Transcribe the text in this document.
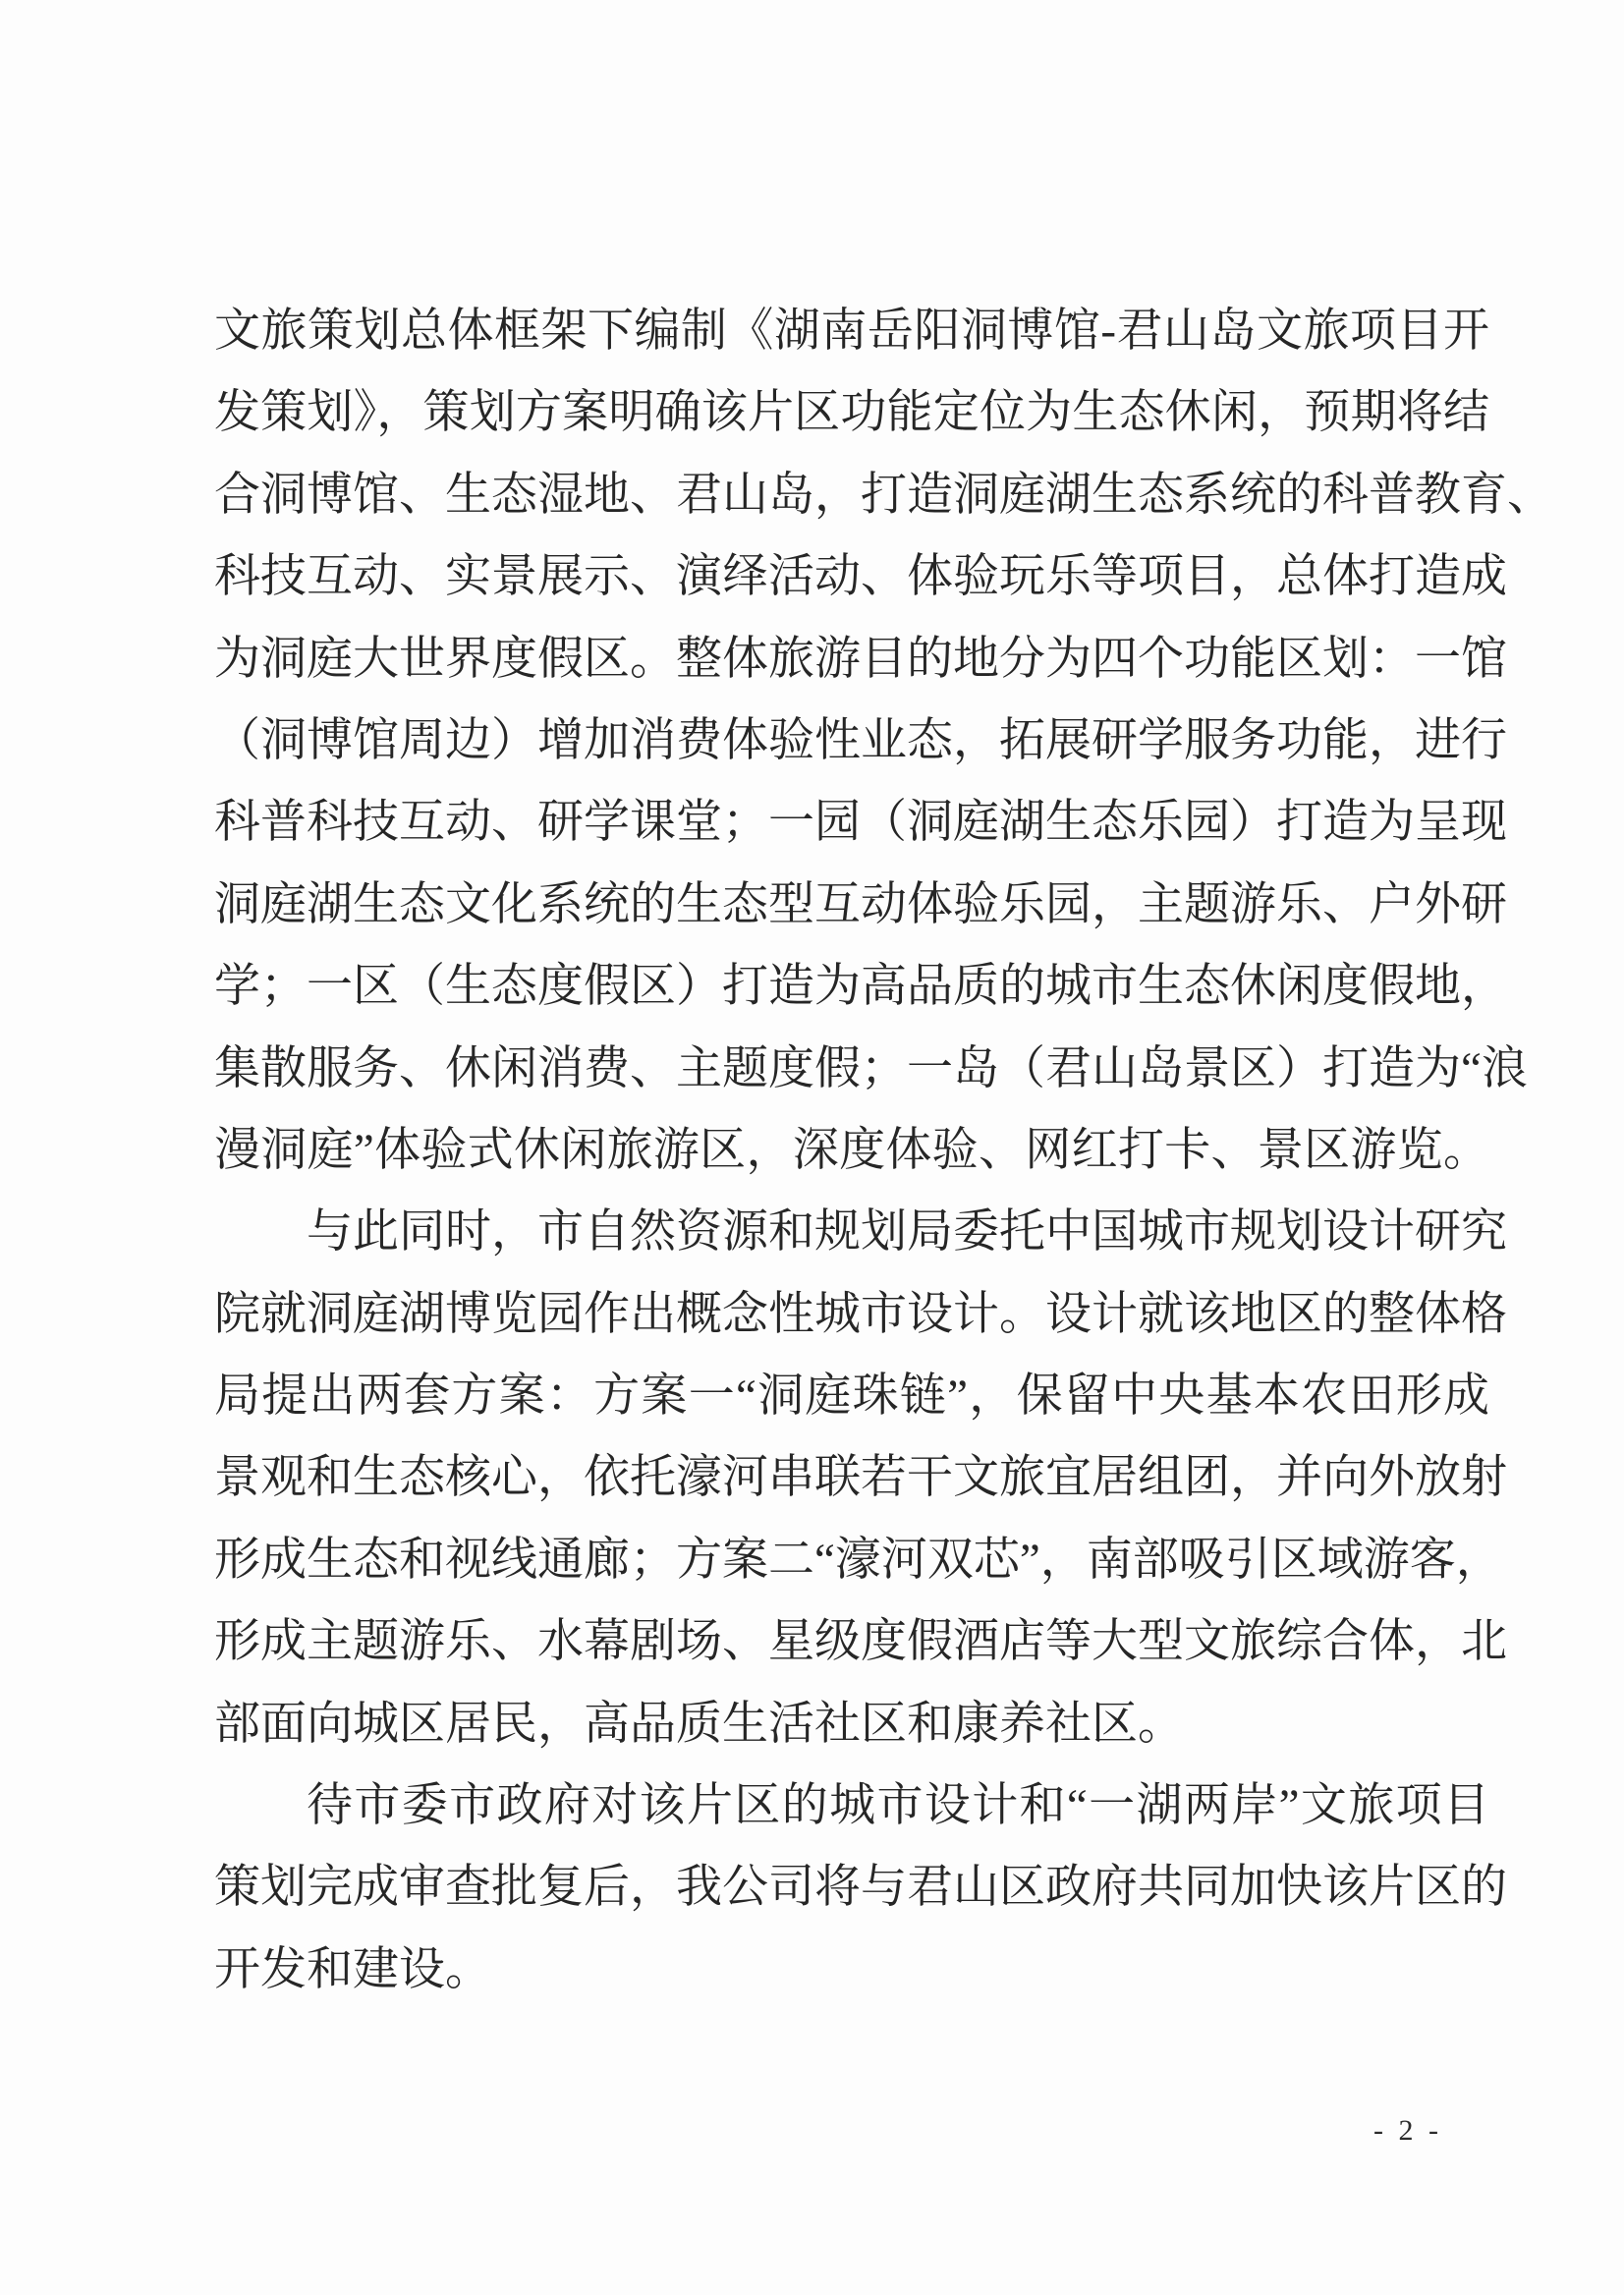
文旅策划总体框架下编制《湖南岳阳洞博馆-君山岛文旅项目开
发策划》，策划方案明确该片区功能定位为生态休闲，预期将结
合洞博馆、生态湿地、君山岛，打造洞庭湖生态系统的科普教育、
科技互动、实景展示、演绎活动、体验玩乐等项目，总体打造成
为洞庭大世界度假区。整体旅游目的地分为四个功能区划：一馆
（洞博馆周边）增加消费体验性业态，拓展研学服务功能，进行
科普科技互动、研学课堂；一园（洞庭湖生态乐园）打造为呈现
洞庭湖生态文化系统的生态型互动体验乐园，主题游乐、户外研
学；一区（生态度假区）打造为高品质的城市生态休闲度假地，
集散服务、休闲消费、主题度假；一岛（君山岛景区）打造为“浪
漫洞庭”体验式休闲旅游区，深度体验、网红打卡、景区游览。
与此同时，市自然资源和规划局委托中国城市规划设计研究
院就洞庭湖博览园作出概念性城市设计。设计就该地区的整体格
局提出两套方案：方案一“洞庭珠链”，保留中央基本农田形成
景观和生态核心，依托濠河串联若干文旅宜居组团，并向外放射
形成生态和视线通廊；方案二“濠河双芯”，南部吸引区域游客，
形成主题游乐、水幕剧场、星级度假酒店等大型文旅综合体，北
部面向城区居民，高品质生活社区和康养社区。
待市委市政府对该片区的城市设计和“一湖两岸”文旅项目
策划完成审查批复后，我公司将与君山区政府共同加快该片区的
开发和建设。
- 2 -
